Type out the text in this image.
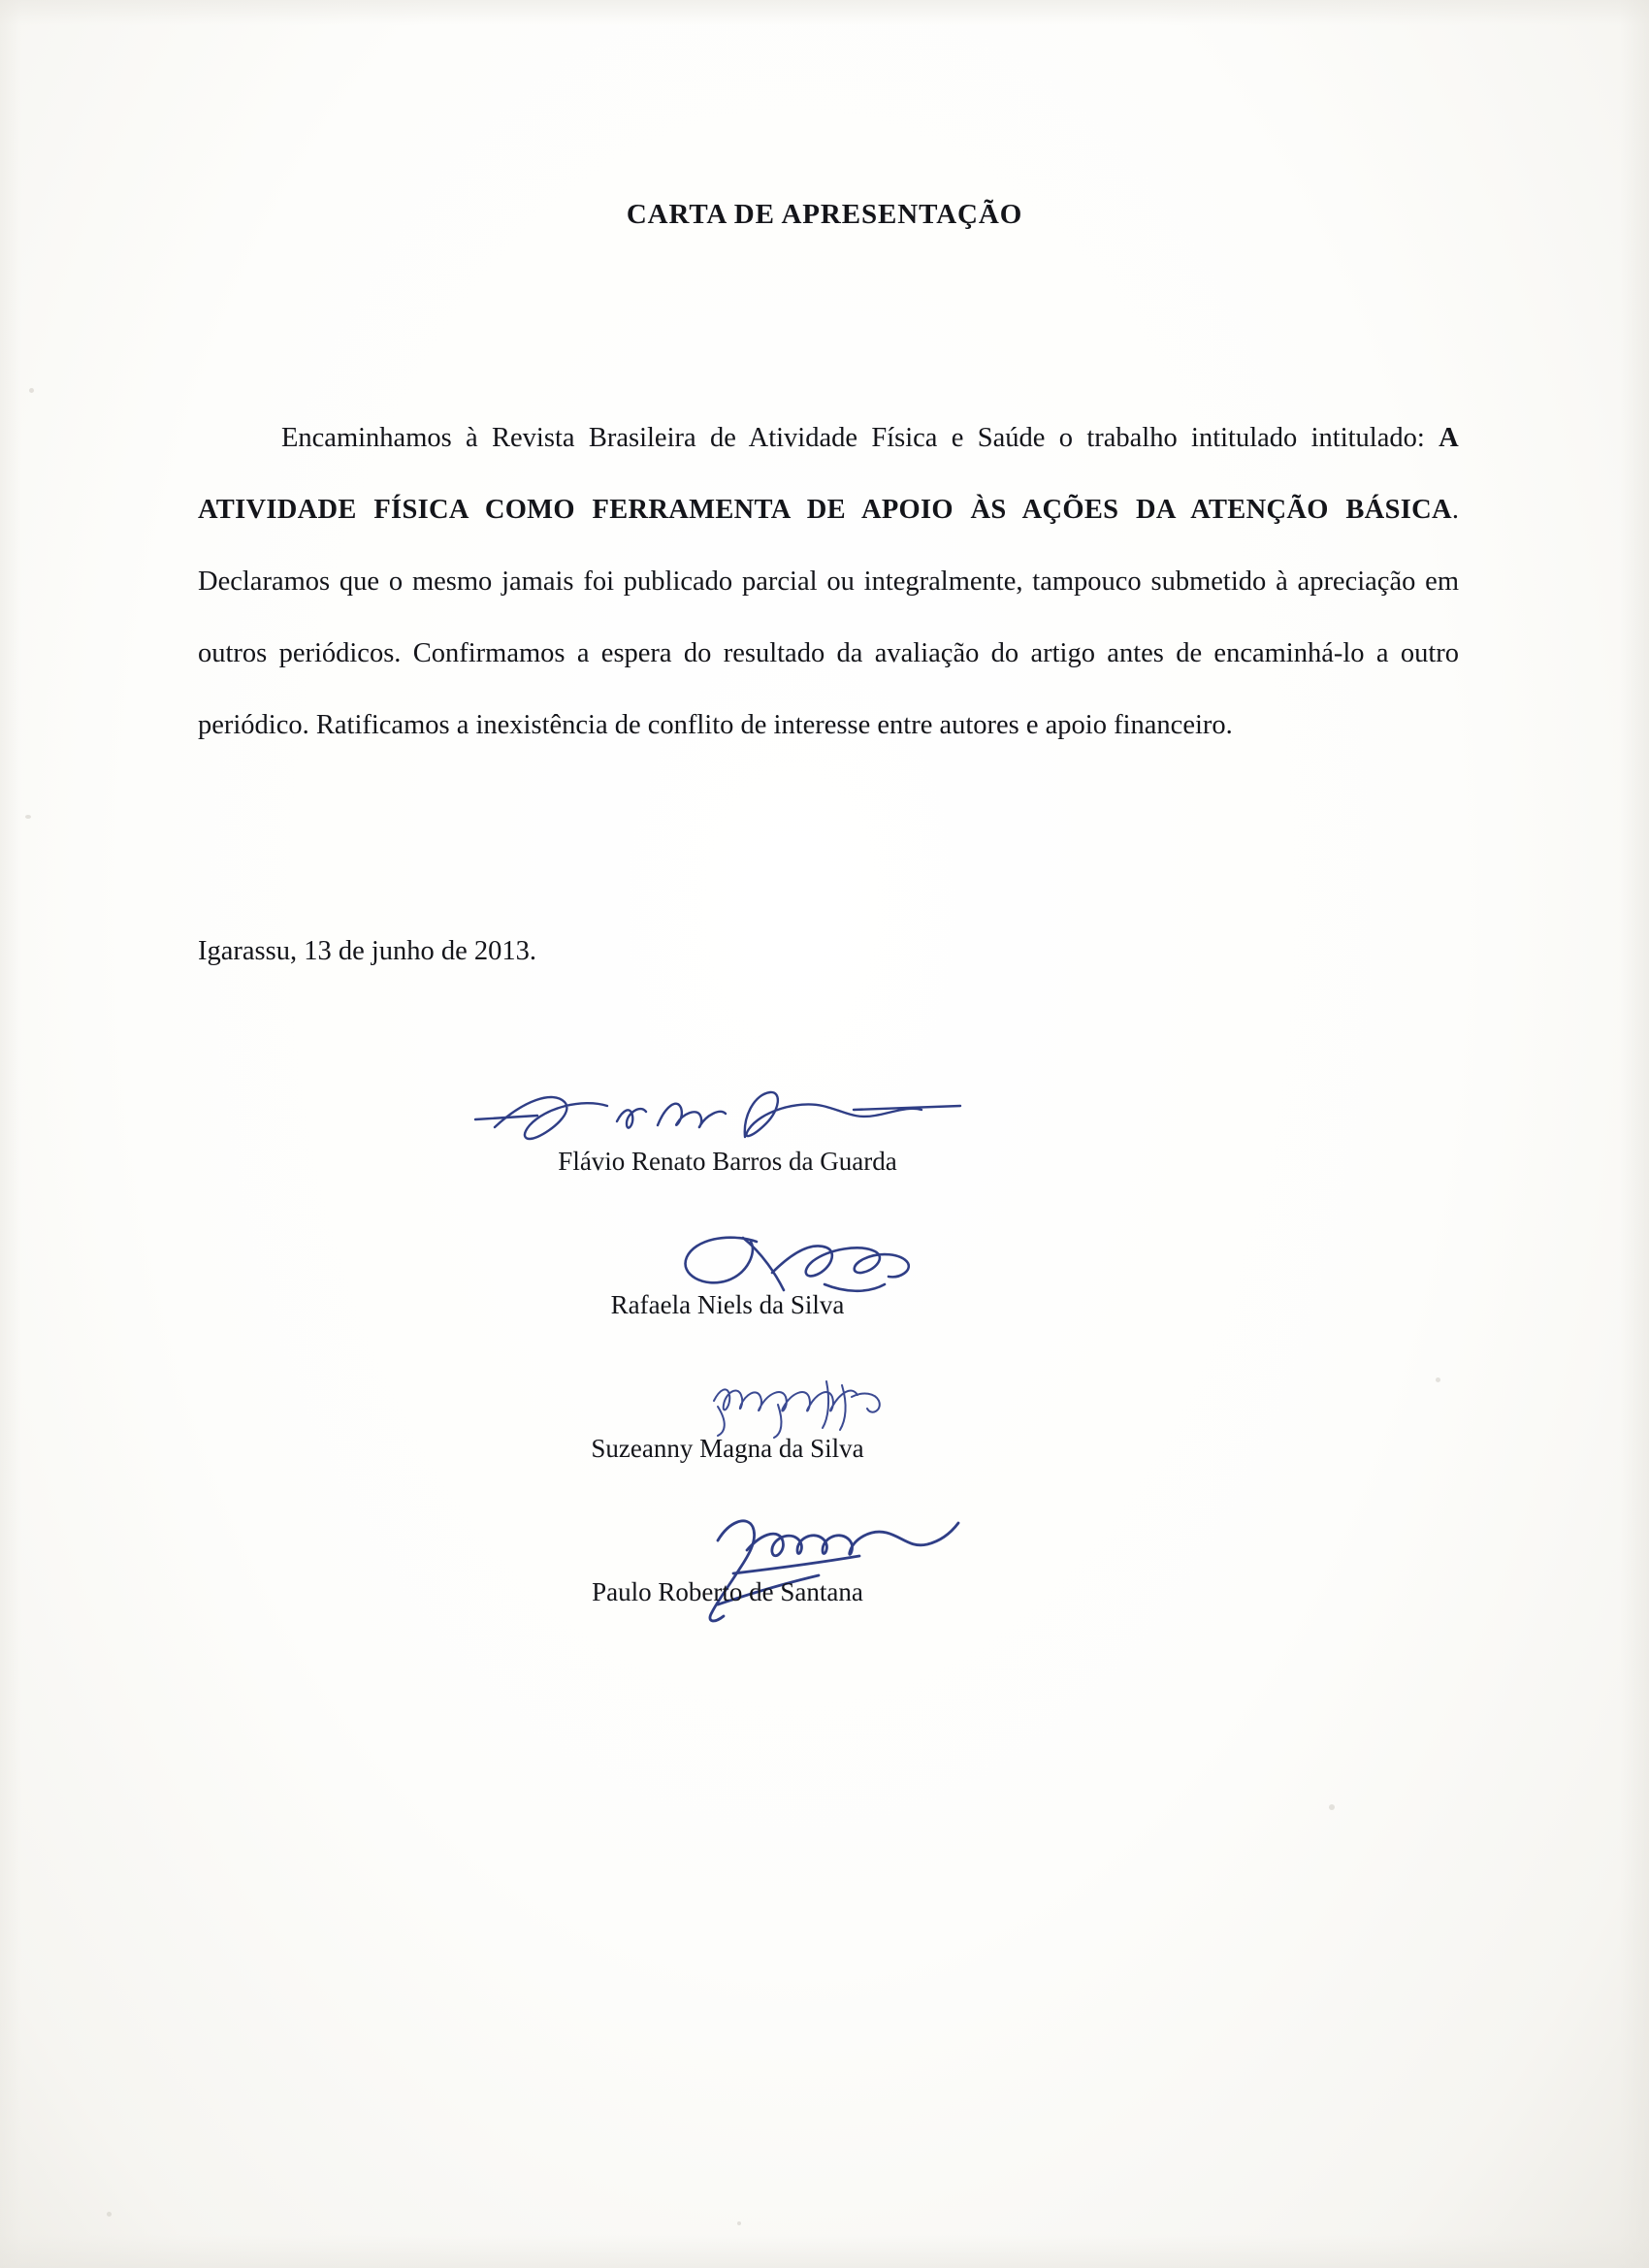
CARTA DE APRESENTAÇÃO
Encaminhamos à Revista Brasileira de Atividade Física e Saúde o trabalho intitulado intitulado: A ATIVIDADE FÍSICA COMO FERRAMENTA DE APOIO ÀS AÇÕES DA ATENÇÃO BÁSICA. Declaramos que o mesmo jamais foi publicado parcial ou integralmente, tampouco submetido à apreciação em outros periódicos. Confirmamos a espera do resultado da avaliação do artigo antes de encaminhá-lo a outro periódico. Ratificamos a inexistência de conflito de interesse entre autores e apoio financeiro.
Igarassu, 13 de junho de 2013.
Flávio Renato Barros da Guarda
Rafaela Niels da Silva
Suzeanny Magna da Silva
Paulo Roberto de Santana
